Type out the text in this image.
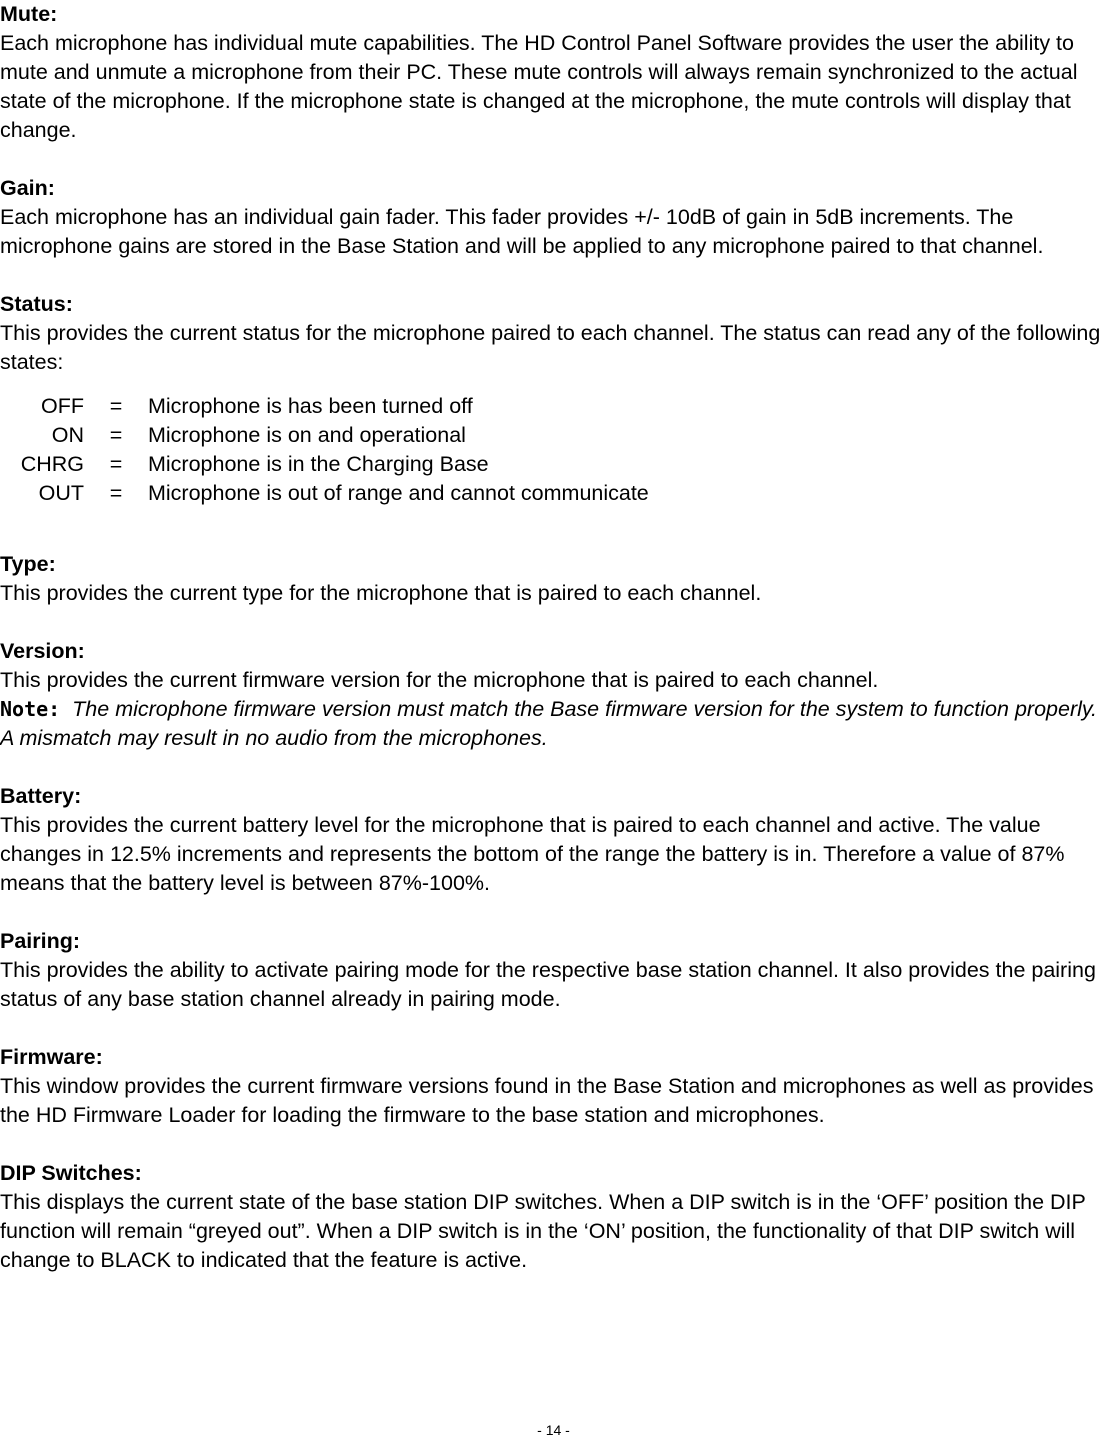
Mute:

Each microphone has individual mute capabilities. The HD Control Panel Software provides the user the ability to mute and unmute a microphone from their PC. These mute controls will always remain synchronized to the actual state of the microphone. If the microphone state is changed at the microphone, the mute controls will display that change.

Gain:

Each microphone has an individual gain fader. This fader provides +/- 10dB of gain in 5dB increments. The microphone gains are stored in the Base Station and will be applied to any microphone paired to that channel.

Status:

This provides the current status for the microphone paired to each channel. The status can read any of the following states:

OFF	=	Microphone is has been turned off
ON	=	Microphone is on and operational
CHRG	=	Microphone is in the Charging Base
OUT	=	Microphone is out of range and cannot communicate
Type:

This provides the current type for the microphone that is paired to each channel.

Version:

This provides the current firmware version for the microphone that is paired to each channel.

Note: The microphone firmware version must match the Base firmware version for the system to function properly. A mismatch may result in no audio from the microphones.

Battery:

This provides the current battery level for the microphone that is paired to each channel and active. The value changes in 12.5% increments and represents the bottom of the range the battery is in. Therefore a value of 87% means that the battery level is between 87%-100%.

Pairing:

This provides the ability to activate pairing mode for the respective base station channel. It also provides the pairing status of any base station channel already in pairing mode.

Firmware:

This window provides the current firmware versions found in the Base Station and microphones as well as provides the HD Firmware Loader for loading the firmware to the base station and microphones.

DIP Switches:

This displays the current state of the base station DIP switches. When a DIP switch is in the ‘OFF’ position the DIP function will remain “greyed out”. When a DIP switch is in the ‘ON’ position, the functionality of that DIP switch will change to BLACK to indicated that the feature is active.

- 14 -
